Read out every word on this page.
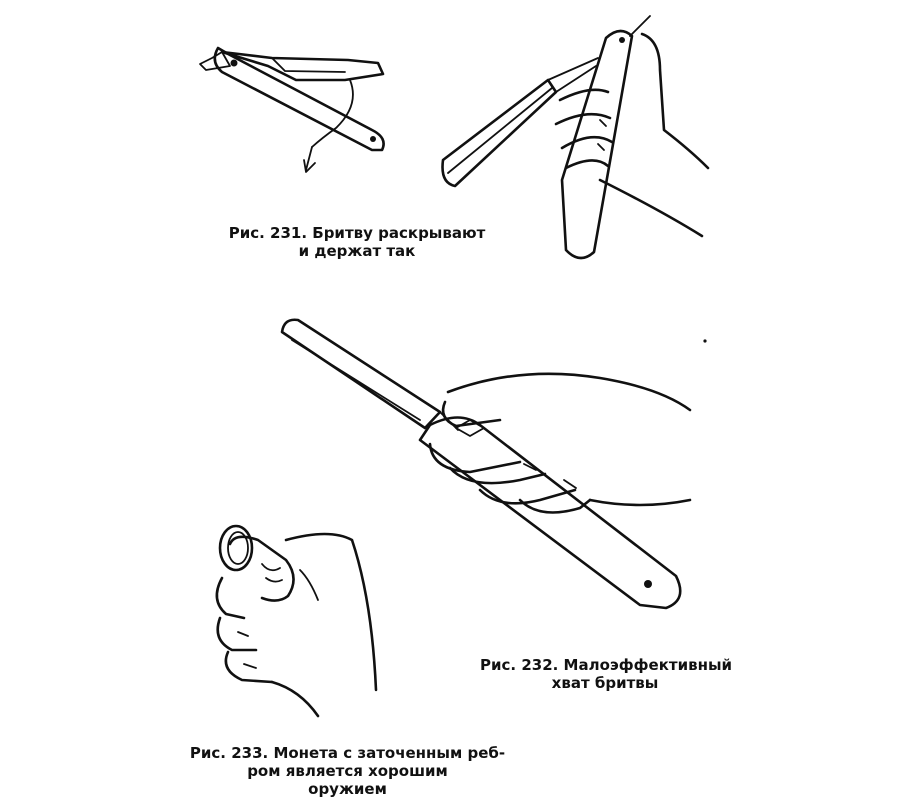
Рис. 231. Бритву раскрывают
и держат так
Рис. 232. Малоэффективный
хват бритвы
Рис. 233. Монета с заточенным реб-
ром является хорошим
оружием
